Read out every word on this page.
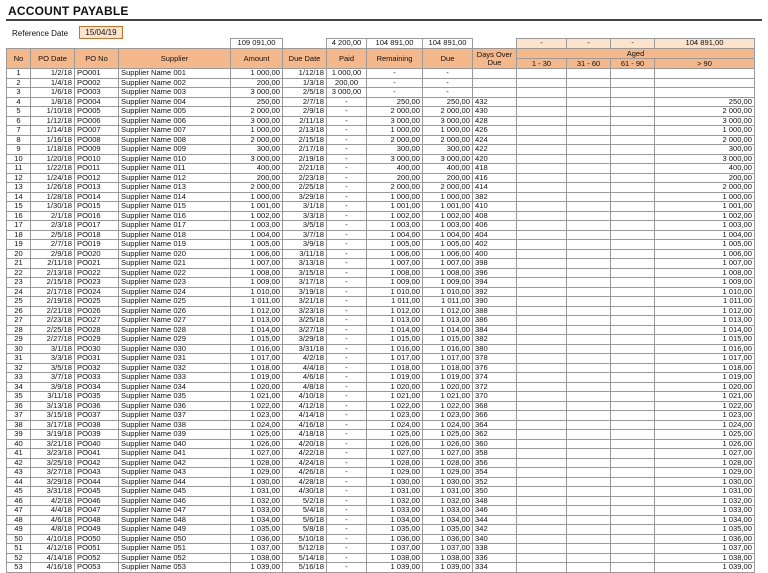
ACCOUNT PAYABLE
Reference Date	15/04/19
				109 091,00		4 200,00	104 891,00	104 891,00		-	-	-	104 891,00
No	PO Date	PO No	Supplier	Amount	Due Date	Paid	Remaining	Due	Days Over Due	Aged			
										1 - 30	31 - 60	61 - 90	> 90
1	1/2/18	PO001	Supplier Name 001	1 000,00	1/12/18	1 000,00	-	-					
2	1/4/18	PO002	Supplier Name 002	200,00	1/3/18	200,00	-	-					
3	1/6/18	PO003	Supplier Name 003	3 000,00	2/5/18	3 000,00	-	-					
4	1/8/18	PO004	Supplier Name 004	250,00	2/7/18	-	250,00	250,00	432				250,00
5	1/10/18	PO005	Supplier Name 005	2 000,00	2/9/18	-	2 000,00	2 000,00	430				2 000,00
6	1/12/18	PO006	Supplier Name 006	3 000,00	2/11/18	-	3 000,00	3 000,00	428				3 000,00
7	1/14/18	PO007	Supplier Name 007	1 000,00	2/13/18	-	1 000,00	1 000,00	426				1 000,00
8	1/16/18	PO008	Supplier Name 008	2 000,00	2/15/18	-	2 000,00	2 000,00	424				2 000,00
9	1/18/18	PO009	Supplier Name 009	300,00	2/17/18	-	300,00	300,00	422				300,00
10	1/20/18	PO010	Supplier Name 010	3 000,00	2/19/18	-	3 000,00	3 000,00	420				3 000,00
11	1/22/18	PO011	Supplier Name 011	400,00	2/21/18	-	400,00	400,00	418				400,00
12	1/24/18	PO012	Supplier Name 012	200,00	2/23/18	-	200,00	200,00	416				200,00
13	1/26/18	PO013	Supplier Name 013	2 000,00	2/25/18	-	2 000,00	2 000,00	414				2 000,00
14	1/28/18	PO014	Supplier Name 014	1 000,00	3/29/18	-	1 000,00	1 000,00	382				1 000,00
15	1/30/18	PO015	Supplier Name 015	1 001,00	3/1/18	-	1 001,00	1 001,00	410				1 001,00
16	2/1/18	PO016	Supplier Name 016	1 002,00	3/3/18	-	1 002,00	1 002,00	408				1 002,00
17	2/3/18	PO017	Supplier Name 017	1 003,00	3/5/18	-	1 003,00	1 003,00	406				1 003,00
18	2/5/18	PO018	Supplier Name 018	1 004,00	3/7/18	-	1 004,00	1 004,00	404				1 004,00
19	2/7/18	PO019	Supplier Name 019	1 005,00	3/9/18	-	1 005,00	1 005,00	402				1 005,00
20	2/9/18	PO020	Supplier Name 020	1 006,00	3/11/18	-	1 006,00	1 006,00	400				1 006,00
21	2/11/18	PO021	Supplier Name 021	1 007,00	3/13/18	-	1 007,00	1 007,00	398				1 007,00
22	2/13/18	PO022	Supplier Name 022	1 008,00	3/15/18	-	1 008,00	1 008,00	396				1 008,00
23	2/15/18	PO023	Supplier Name 023	1 009,00	3/17/18	-	1 009,00	1 009,00	394				1 009,00
24	2/17/18	PO024	Supplier Name 024	1 010,00	3/19/18	-	1 010,00	1 010,00	392				1 010,00
25	2/19/18	PO025	Supplier Name 025	1 011,00	3/21/18	-	1 011,00	1 011,00	390				1 011,00
26	2/21/18	PO026	Supplier Name 026	1 012,00	3/23/18	-	1 012,00	1 012,00	388				1 012,00
27	2/23/18	PO027	Supplier Name 027	1 013,00	3/25/18	-	1 013,00	1 013,00	386				1 013,00
28	2/25/18	PO028	Supplier Name 028	1 014,00	3/27/18	-	1 014,00	1 014,00	384				1 014,00
29	2/27/18	PO029	Supplier Name 029	1 015,00	3/29/18	-	1 015,00	1 015,00	382				1 015,00
30	3/1/18	PO030	Supplier Name 030	1 016,00	3/31/18	-	1 016,00	1 016,00	380				1 016,00
31	3/3/18	PO031	Supplier Name 031	1 017,00	4/2/18	-	1 017,00	1 017,00	378				1 017,00
32	3/5/18	PO032	Supplier Name 032	1 018,00	4/4/18	-	1 018,00	1 018,00	376				1 018,00
33	3/7/18	PO033	Supplier Name 033	1 019,00	4/6/18	-	1 019,00	1 019,00	374				1 019,00
34	3/9/18	PO034	Supplier Name 034	1 020,00	4/8/18	-	1 020,00	1 020,00	372				1 020,00
35	3/11/18	PO035	Supplier Name 035	1 021,00	4/10/18	-	1 021,00	1 021,00	370				1 021,00
36	3/13/18	PO036	Supplier Name 036	1 022,00	4/12/18	-	1 022,00	1 022,00	368				1 022,00
37	3/15/18	PO037	Supplier Name 037	1 023,00	4/14/18	-	1 023,00	1 023,00	366				1 023,00
38	3/17/18	PO038	Supplier Name 038	1 024,00	4/16/18	-	1 024,00	1 024,00	364				1 024,00
39	3/19/18	PO039	Supplier Name 039	1 025,00	4/18/18	-	1 025,00	1 025,00	362				1 025,00
40	3/21/18	PO040	Supplier Name 040	1 026,00	4/20/18	-	1 026,00	1 026,00	360				1 026,00
41	3/23/18	PO041	Supplier Name 041	1 027,00	4/22/18	-	1 027,00	1 027,00	358				1 027,00
42	3/25/18	PO042	Supplier Name 042	1 028,00	4/24/18	-	1 028,00	1 028,00	356				1 028,00
43	3/27/18	PO043	Supplier Name 043	1 029,00	4/26/18	-	1 029,00	1 029,00	354				1 029,00
44	3/29/18	PO044	Supplier Name 044	1 030,00	4/28/18	-	1 030,00	1 030,00	352				1 030,00
45	3/31/18	PO045	Supplier Name 045	1 031,00	4/30/18	-	1 031,00	1 031,00	350				1 031,00
46	4/2/18	PO046	Supplier Name 046	1 032,00	5/2/18	-	1 032,00	1 032,00	348				1 032,00
47	4/4/18	PO047	Supplier Name 047	1 033,00	5/4/18	-	1 033,00	1 033,00	346				1 033,00
48	4/6/18	PO048	Supplier Name 048	1 034,00	5/6/18	-	1 034,00	1 034,00	344				1 034,00
49	4/8/18	PO049	Supplier Name 049	1 035,00	5/8/18	-	1 035,00	1 035,00	342				1 035,00
50	4/10/18	PO050	Supplier Name 050	1 036,00	5/10/18	-	1 036,00	1 036,00	340				1 036,00
51	4/12/18	PO051	Supplier Name 051	1 037,00	5/12/18	-	1 037,00	1 037,00	338				1 037,00
52	4/14/18	PO052	Supplier Name 052	1 038,00	5/14/18	-	1 038,00	1 038,00	336				1 038,00
53	4/16/18	PO053	Supplier Name 053	1 039,00	5/16/18	-	1 039,00	1 039,00	334				1 039,00
